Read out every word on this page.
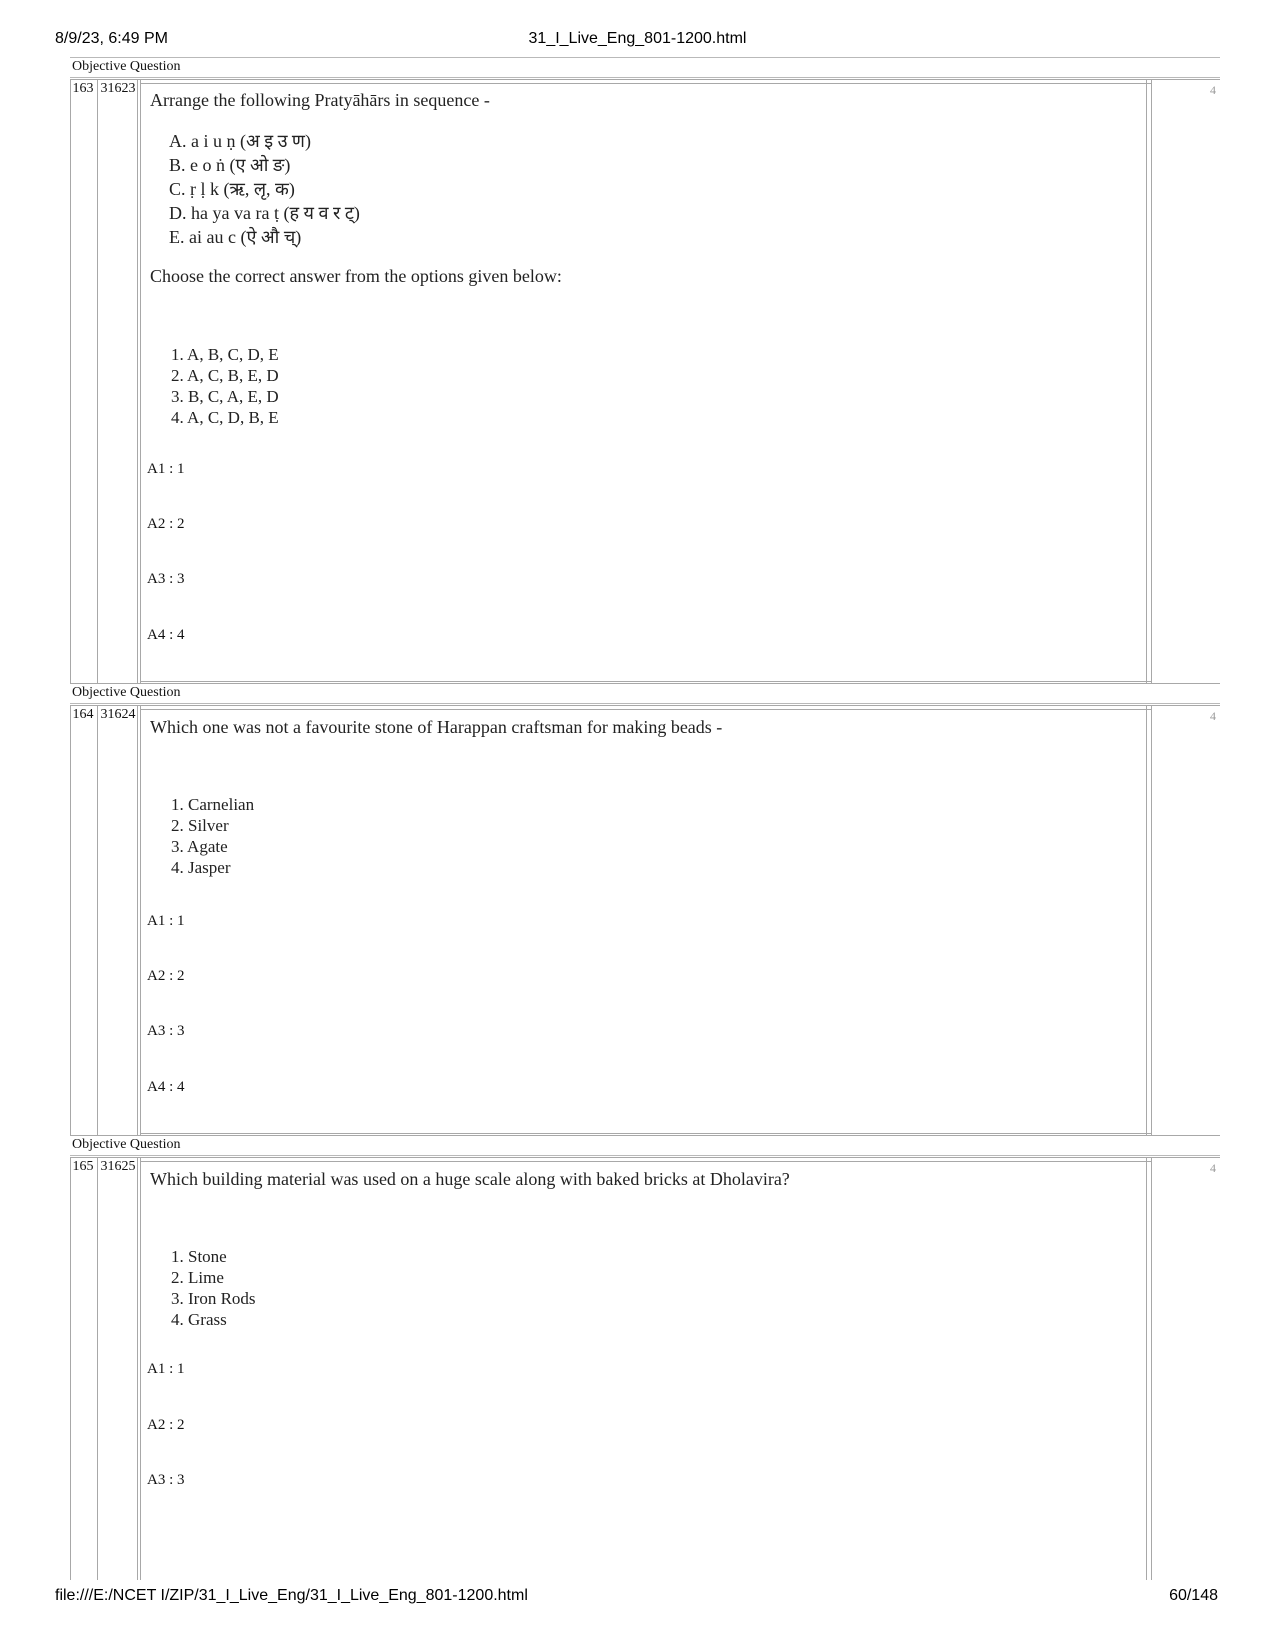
8/9/23, 6:49 PM	31_I_Live_Eng_801-1200.html
Objective Question
163 31623	4
Arrange the following Pratyāhārs in sequence -
A. a i u ṇ (अ इ उ ण)
B. e o ṅ (ए ओ ङ)
C. ṛ ḷ k (ऋ, लृ, क)
D. ha ya va ra ṭ (ह य व र ट्)
E. ai au c (ऐ औ च्)
Choose the correct answer from the options given below:
1. A, B, C, D, E
2. A, C, B, E, D
3. B, C, A, E, D
4. A, C, D, B, E
A1 : 1
A2 : 2
A3 : 3
A4 : 4
Objective Question
164 31624	4
Which one was not a favourite stone of Harappan craftsman for making beads -
1. Carnelian
2. Silver
3. Agate
4. Jasper
A1 : 1
A2 : 2
A3 : 3
A4 : 4
Objective Question
165 31625	4
Which building material was used on a huge scale along with baked bricks at Dholavira?
1. Stone
2. Lime
3. Iron Rods
4. Grass
A1 : 1
A2 : 2
A3 : 3
file:///E:/NCET I/ZIP/31_I_Live_Eng/31_I_Live_Eng_801-1200.html	60/148
